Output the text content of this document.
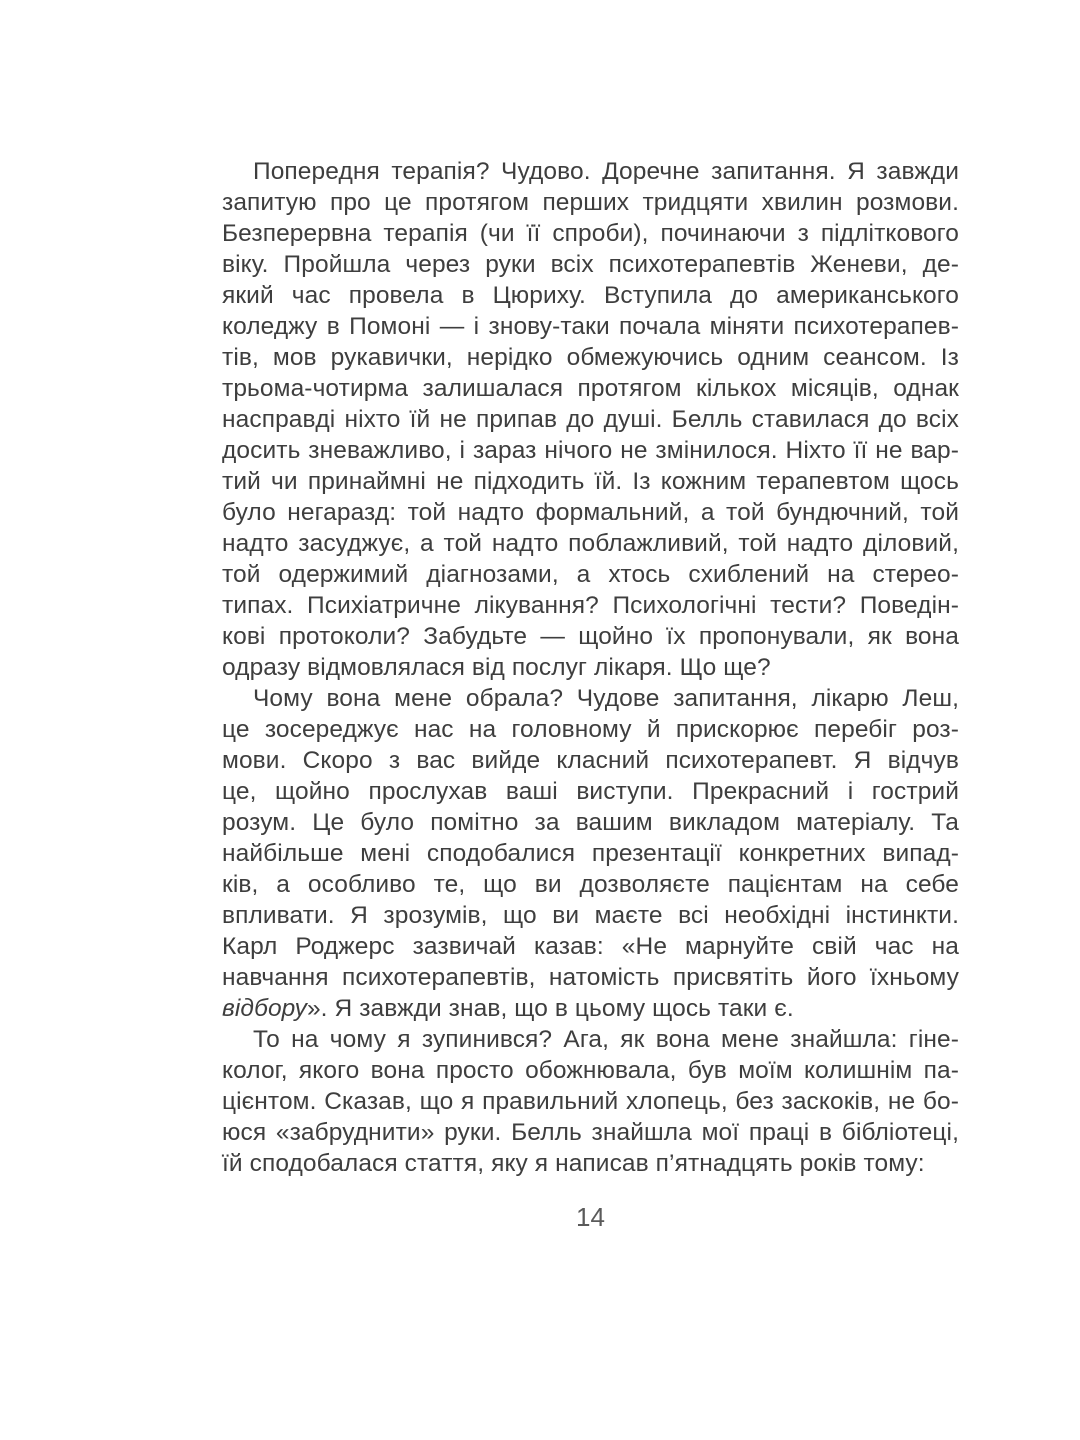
Попередня терапія? Чудово. Доречне запитання. Я завжди
запитую про це протягом перших тридцяти хвилин розмови.
Безперервна терапія (чи її спроби), починаючи з підліткового
віку. Пройшла через руки всіх психотерапевтів Женеви, де-
який час провела в Цюриху. Вступила до американського
коледжу в Помоні — і знову-таки почала міняти психотерапев-
тів, мов рукавички, нерідко обмежуючись одним сеансом. Із
трьома-чотирма залишалася протягом кількох місяців, однак
насправді ніхто їй не припав до душі. Белль ставилася до всіх
досить зневажливо, і зараз нічого не змінилося. Ніхто її не вар-
тий чи принаймні не підходить їй. Із кожним терапевтом щось
було негаразд: той надто формальний, а той бундючний, той
надто засуджує, а той надто поблажливий, той надто діловий,
той одержимий діагнозами, а хтось схиблений на стерео-
типах. Психіатричне лікування? Психологічні тести? Поведін-
кові протоколи? Забудьте — щойно їх пропонували, як вона
одразу відмовлялася від послуг лікаря. Що ще?
Чому вона мене обрала? Чудове запитання, лікарю Леш,
це зосереджує нас на головному й прискорює перебіг роз-
мови. Скоро з вас вийде класний психотерапевт. Я відчув
це, щойно прослухав ваші виступи. Прекрасний і гострий
розум. Це було помітно за вашим викладом матеріалу. Та
найбільше мені сподобалися презентації конкретних випад-
ків, а особливо те, що ви дозволяєте пацієнтам на себе
впливати. Я зрозумів, що ви маєте всі необхідні інстинкти.
Карл Роджерс зазвичай казав: «Не марнуйте свій час на
навчання психотерапевтів, натомість присвятіть його їхньому
відбору». Я завжди знав, що в цьому щось таки є.
То на чому я зупинився? Ага, як вона мене знайшла: гіне-
колог, якого вона просто обожнювала, був моїм колишнім па-
цієнтом. Сказав, що я правильний хлопець, без заскоків, не бо-
юся «забруднити» руки. Белль знайшла мої праці в бібліотеці,
їй сподобалася стаття, яку я написав п’ятнадцять років тому:
14
